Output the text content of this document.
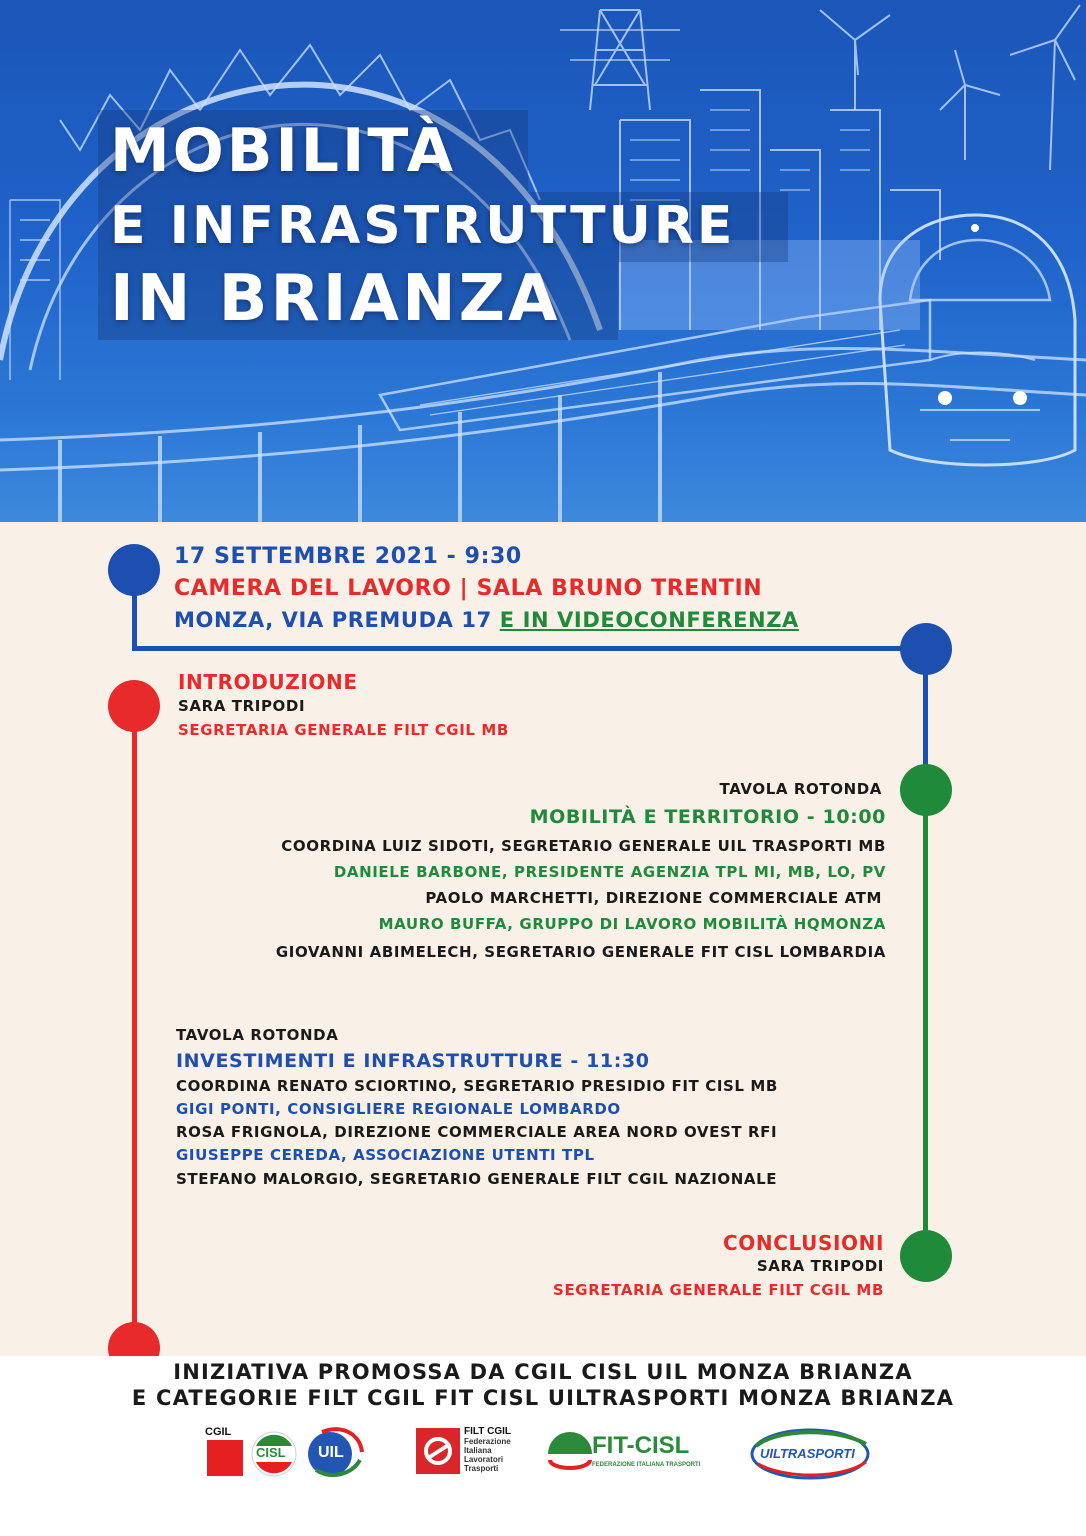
MOBILITÀ
E INFRASTRUTTURE
IN BRIANZA
17 SETTEMBRE 2021 - 9:30
CAMERA DEL LAVORO | SALA BRUNO TRENTIN
MONZA, VIA PREMUDA 17 E IN VIDEOCONFERENZA
INTRODUZIONE
SARA TRIPODI
SEGRETARIA GENERALE FILT CGIL MB
TAVOLA ROTONDA
MOBILITÀ E TERRITORIO - 10:00
COORDINA LUIZ SIDOTI, SEGRETARIO GENERALE UIL TRASPORTI MB
DANIELE BARBONE, PRESIDENTE AGENZIA TPL MI, MB, LO, PV
PAOLO MARCHETTI, DIREZIONE COMMERCIALE ATM
MAURO BUFFA, GRUPPO DI LAVORO MOBILITÀ HQMONZA
GIOVANNI ABIMELECH, SEGRETARIO GENERALE FIT CISL LOMBARDIA
TAVOLA ROTONDA
INVESTIMENTI E INFRASTRUTTURE - 11:30
COORDINA RENATO SCIORTINO, SEGRETARIO PRESIDIO FIT CISL MB
GIGI PONTI, CONSIGLIERE REGIONALE LOMBARDO
ROSA FRIGNOLA, DIREZIONE COMMERCIALE AREA NORD OVEST RFI
GIUSEPPE CEREDA, ASSOCIAZIONE UTENTI TPL
STEFANO MALORGIO, SEGRETARIO GENERALE FILT CGIL NAZIONALE
CONCLUSIONI
SARA TRIPODI
SEGRETARIA GENERALE FILT CGIL MB
INIZIATIVA PROMOSSA DA CGIL CISL UIL MONZA BRIANZA
E CATEGORIE FILT CGIL FIT CISL UILTRASPORTI MONZA BRIANZA
CGIL
CISL UIL
FILT CGIL
Federazione
Italiana
Lavoratori
Trasporti
FIT-CISL
FEDERAZIONE ITALIANA TRASPORTI
UILTRASPORTI
